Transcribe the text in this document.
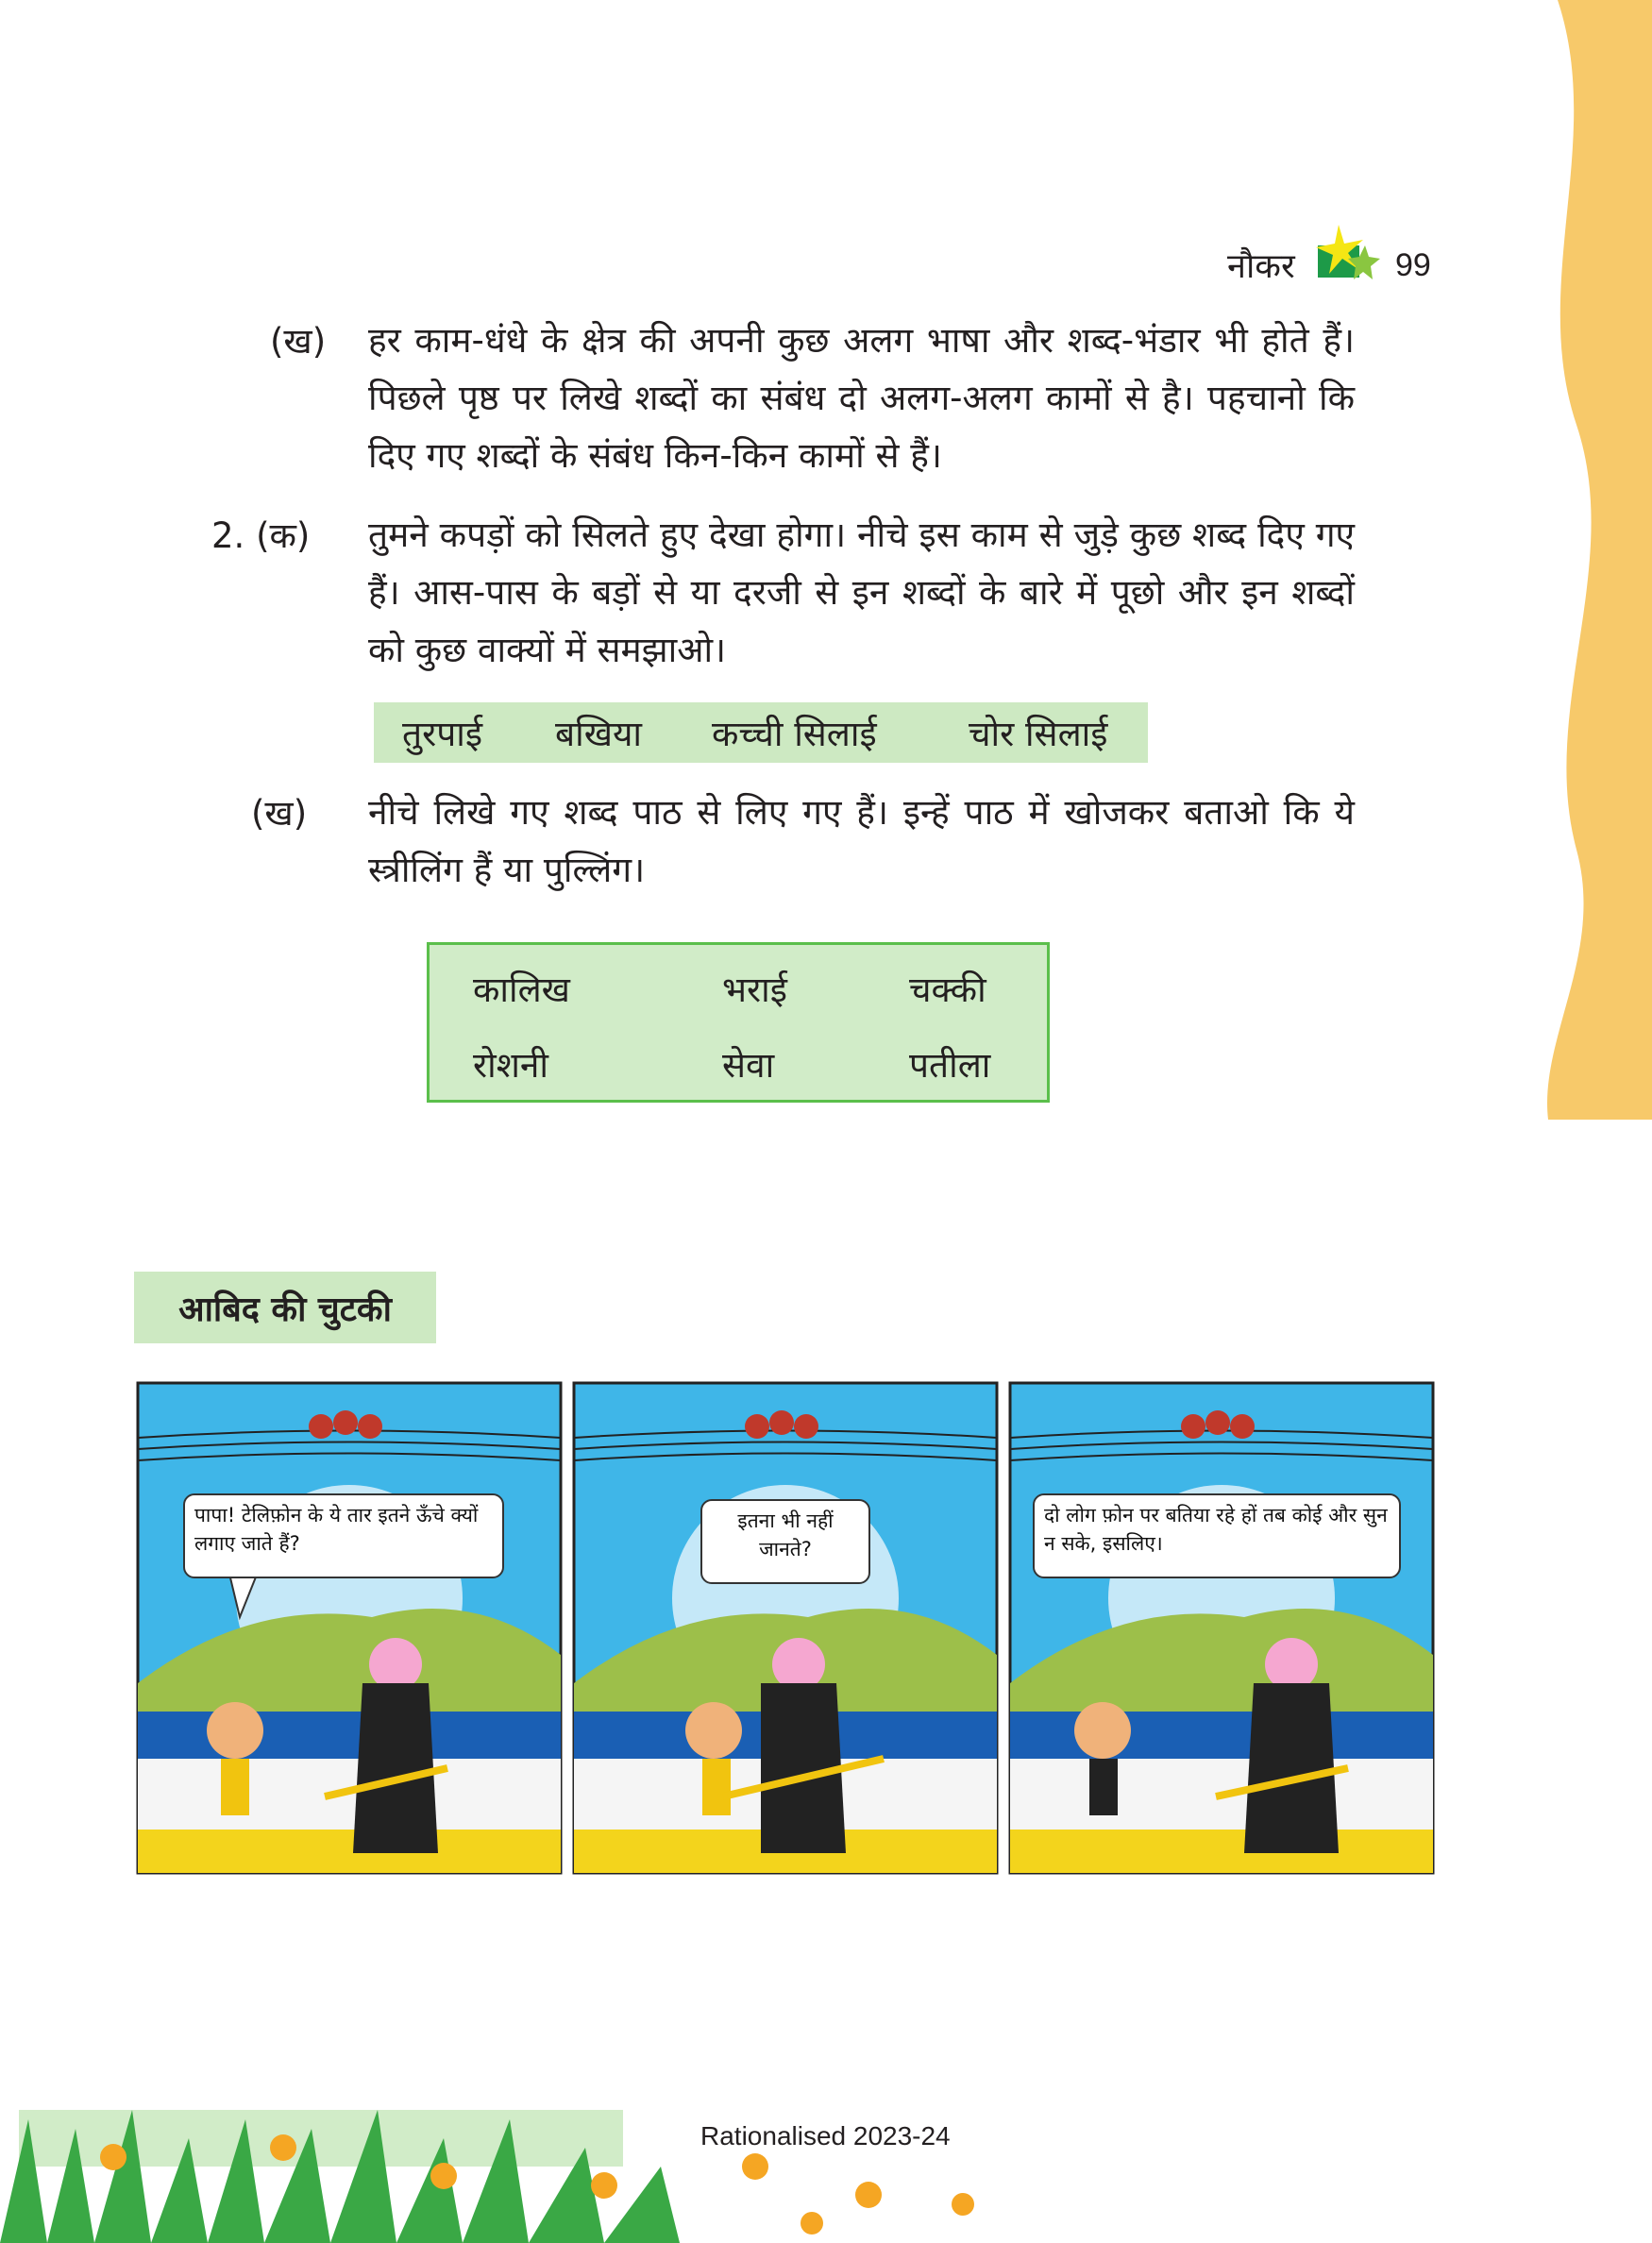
नौकर	99
(ख) हर काम-धंधे के क्षेत्र की अपनी कुछ अलग भाषा और शब्द-भंडार भी होते हैं। पिछले पृष्ठ पर लिखे शब्दों का संबंध दो अलग-अलग कामों से है। पहचानो कि दिए गए शब्दों के संबंध किन-किन कामों से हैं।
2. (क) तुमने कपड़ों को सिलते हुए देखा होगा। नीचे इस काम से जुड़े कुछ शब्द दिए गए हैं। आस-पास के बड़ों से या दरजी से इन शब्दों के बारे में पूछो और इन शब्दों को कुछ वाक्यों में समझाओ।
तुरपाई बखिया कच्ची सिलाई	चोर सिलाई
(ख) नीचे लिखे गए शब्द पाठ से लिए गए हैं। इन्हें पाठ में खोजकर बताओ कि ये स्त्रीलिंग हैं या पुल्लिंग।
कालिख	भराई	चक्की
रोशनी	सेवा	पतीला
आबिद की चुटकी
पापा! टेलिफ़ोन के ये तार इतने ऊँचे क्यों लगाए जाते हैं?
इतना भी नहीं जानते?
दो लोग फ़ोन पर बतिया रहे हों तब कोई और सुन न सके, इसलिए।
Rationalised 2023-24
